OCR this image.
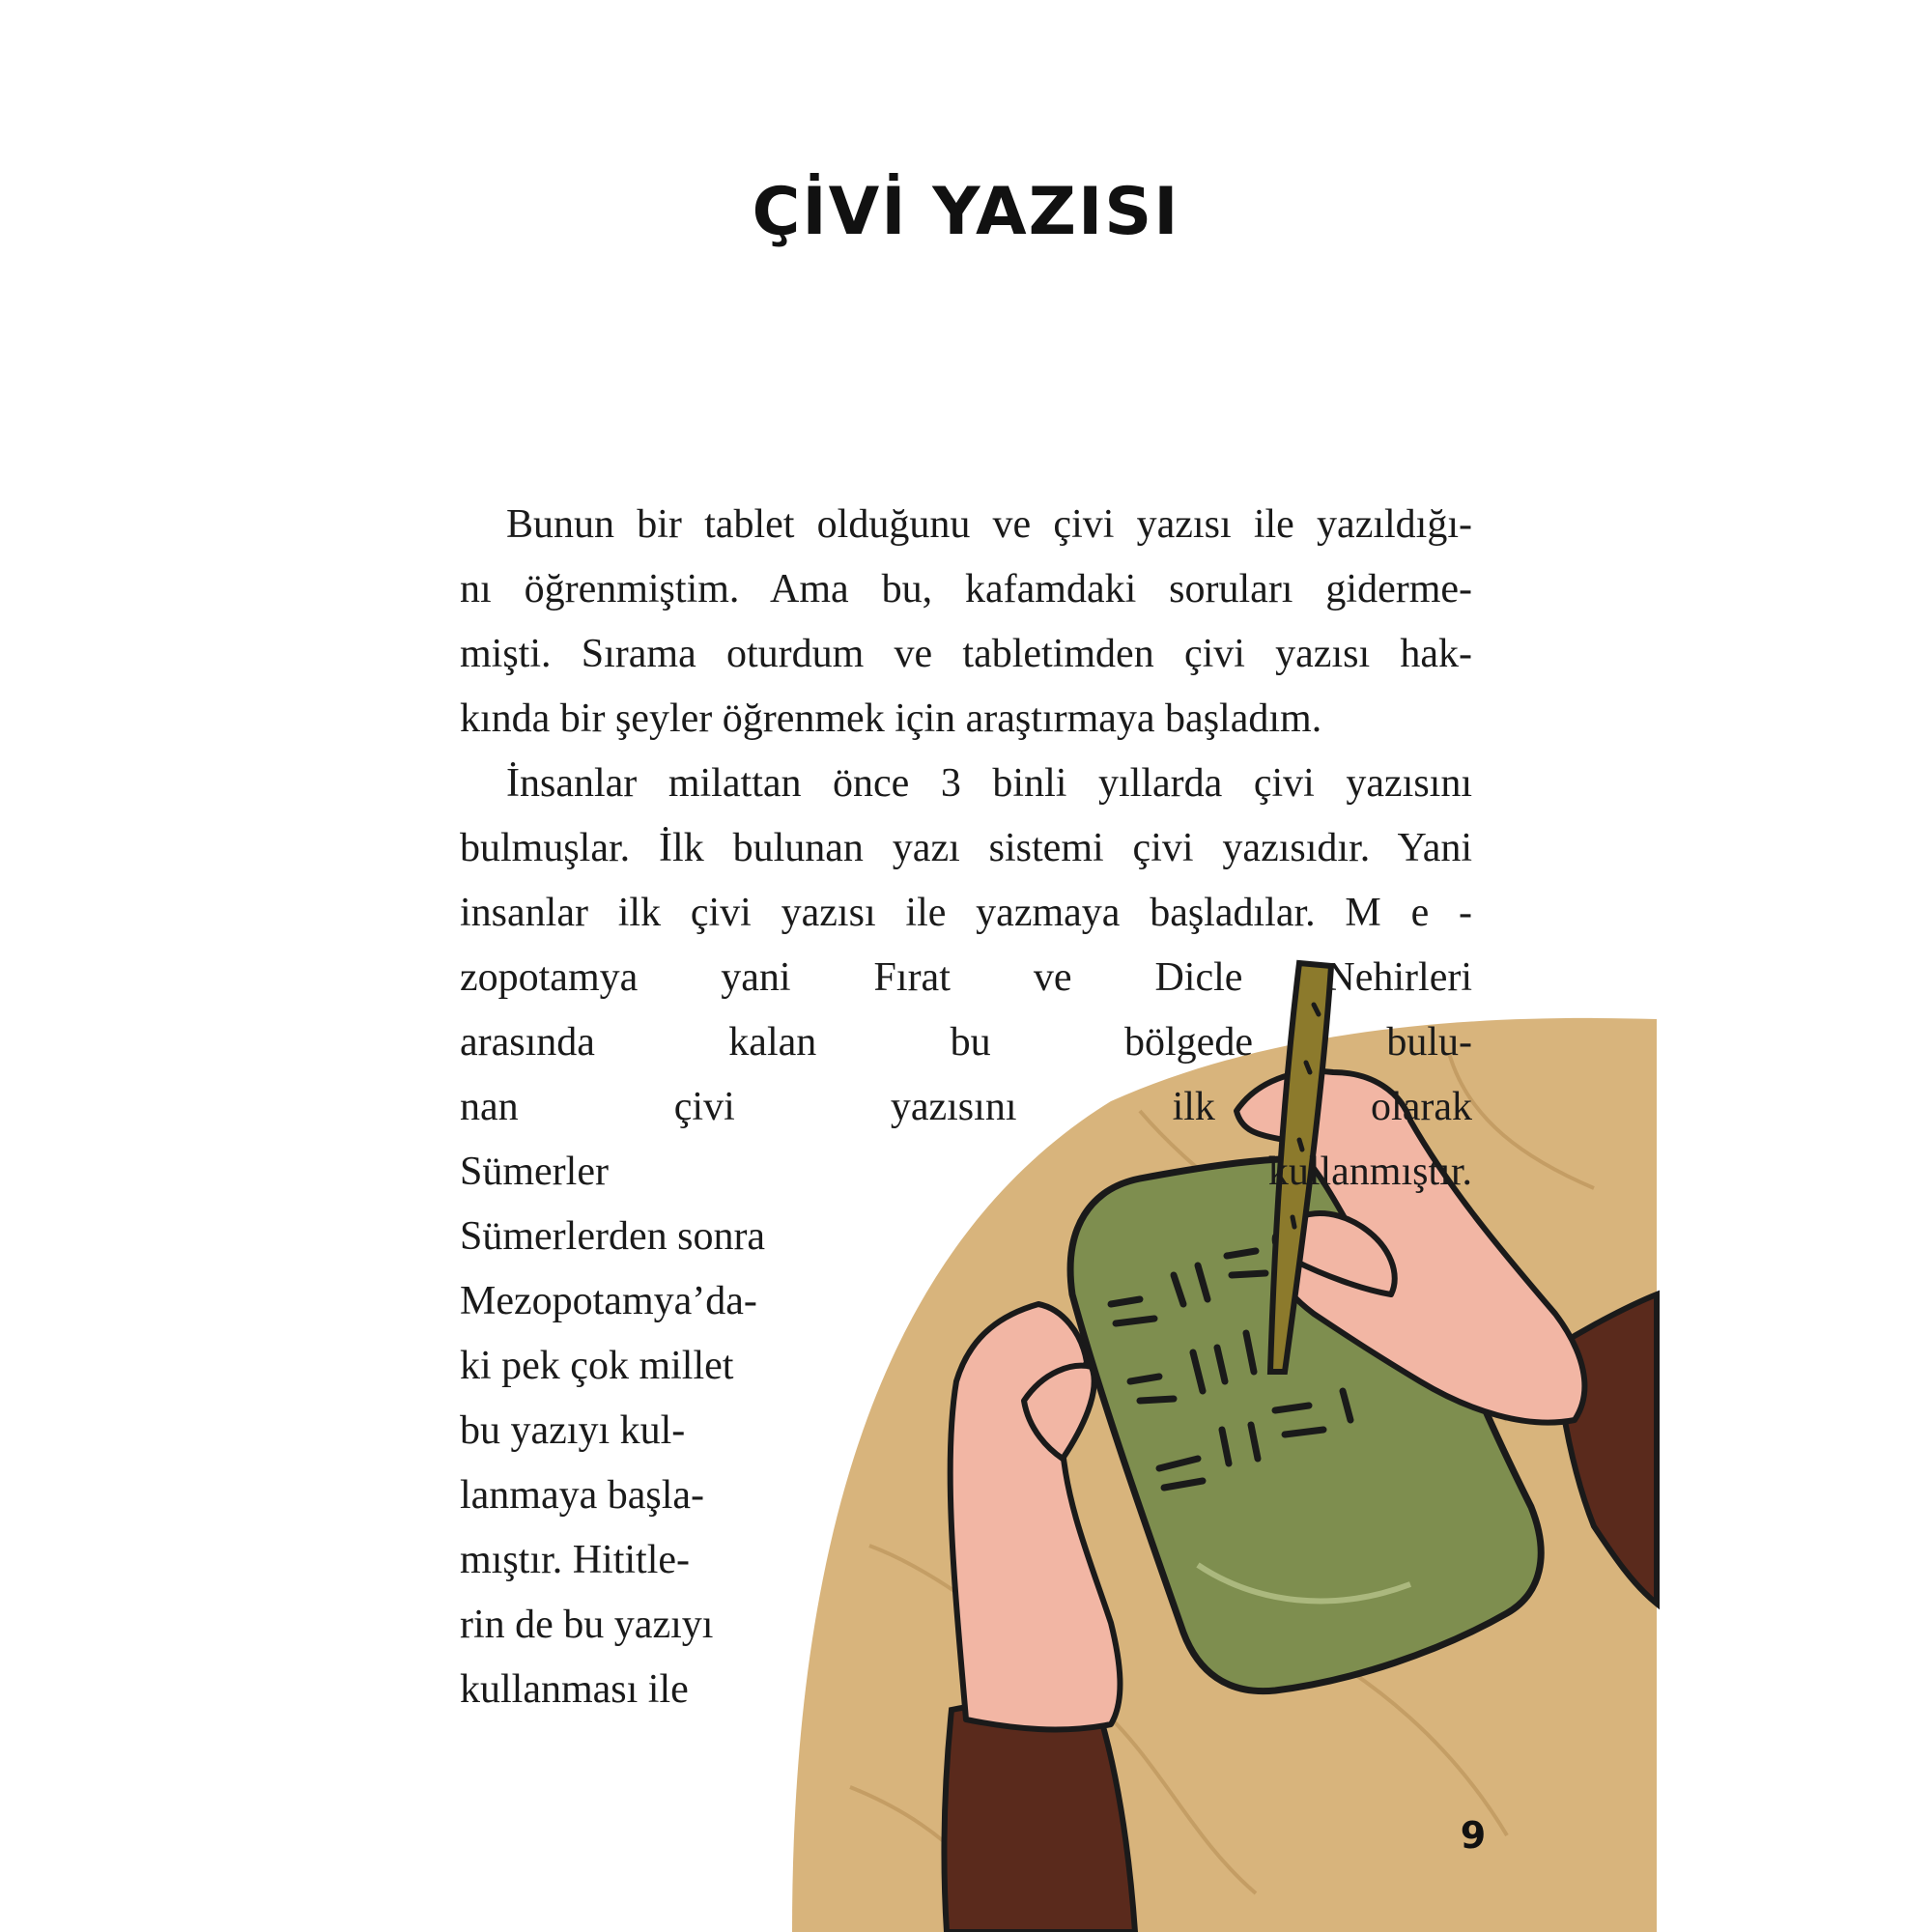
ÇİVİ YAZISI
Bunun bir tablet olduğunu ve çivi yazısı ile yazıldığı-
nı öğrenmiştim. Ama bu, kafamdaki soruları giderme-
mişti. Sırama oturdum ve tabletimden çivi yazısı hak-
kında bir şeyler öğrenmek için araştırmaya başladım.
İnsanlar milattan önce 3 binli yıllarda çivi yazısını
bulmuşlar. İlk bulunan yazı sistemi çivi yazısıdır. Yani
insanlar ilk çivi yazısı ile yazmaya başladılar. M e -
zopotamya yani Fırat ve Dicle Nehirleri
arasında kalan bu bölgede bulu-
nan çivi yazısını ilk olarak
Sümerler kullanmıştır.
Sümerlerden sonra
Mezopotamya’da-
ki pek çok millet
bu yazıyı kul-
lanmaya başla-
mıştır. Hititle-
rin de bu yazıyı
kullanması ile
9
